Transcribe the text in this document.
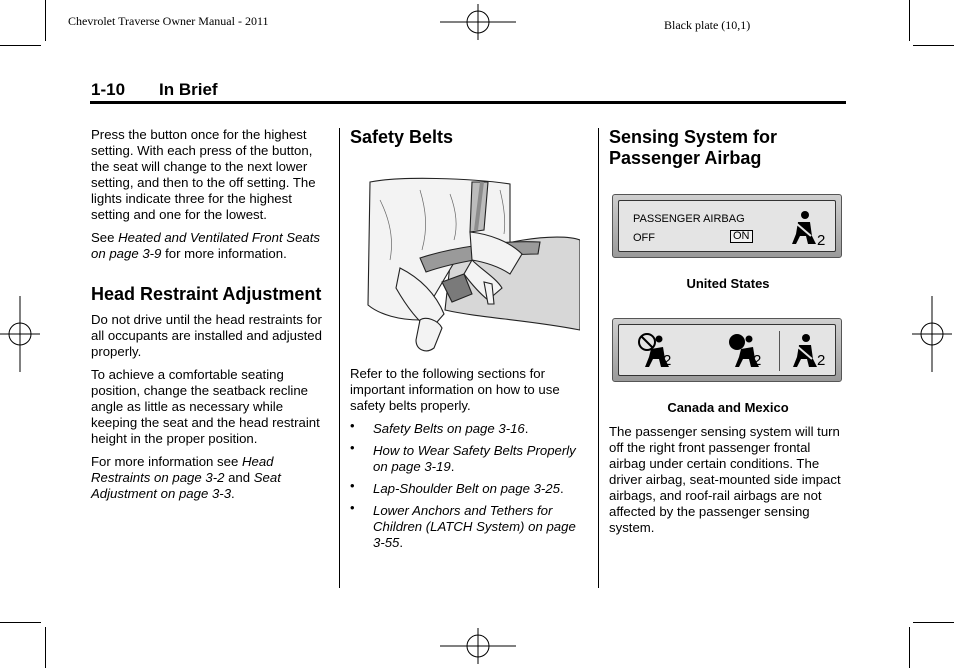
Chevrolet Traverse Owner Manual - 2011	Black plate (10,1)
1-10 In Brief

Press the button once for the highest setting. With each press of the button, the seat will change to the next lower setting, and then to the off setting. The lights indicate three for the highest setting and one for the lowest.

See Heated and Ventilated Front Seats on page 3-9 for more information.

Head Restraint Adjustment

Do not drive until the head restraints for all occupants are installed and adjusted properly.

To achieve a comfortable seating position, change the seatback recline angle as little as necessary while keeping the seat and the head restraint height in the proper position.

For more information see Head Restraints on page 3-2 and Seat Adjustment on page 3-3.

Safety Belts

Refer to the following sections for important information on how to use safety belts properly.

• Safety Belts on page 3-16.
• How to Wear Safety Belts Properly on page 3-19.
• Lap-Shoulder Belt on page 3-25.
• Lower Anchors and Tethers for Children (LATCH System) on page 3-55.
Sensing System for Passenger Airbag
PASSENGER AIRBAG
OFF	ON	2
United States
2	2	2
Canada and Mexico

The passenger sensing system will turn off the right front passenger frontal airbag under certain conditions. The driver airbag, seat-mounted side impact airbags, and roof-rail airbags are not affected by the passenger sensing system.
